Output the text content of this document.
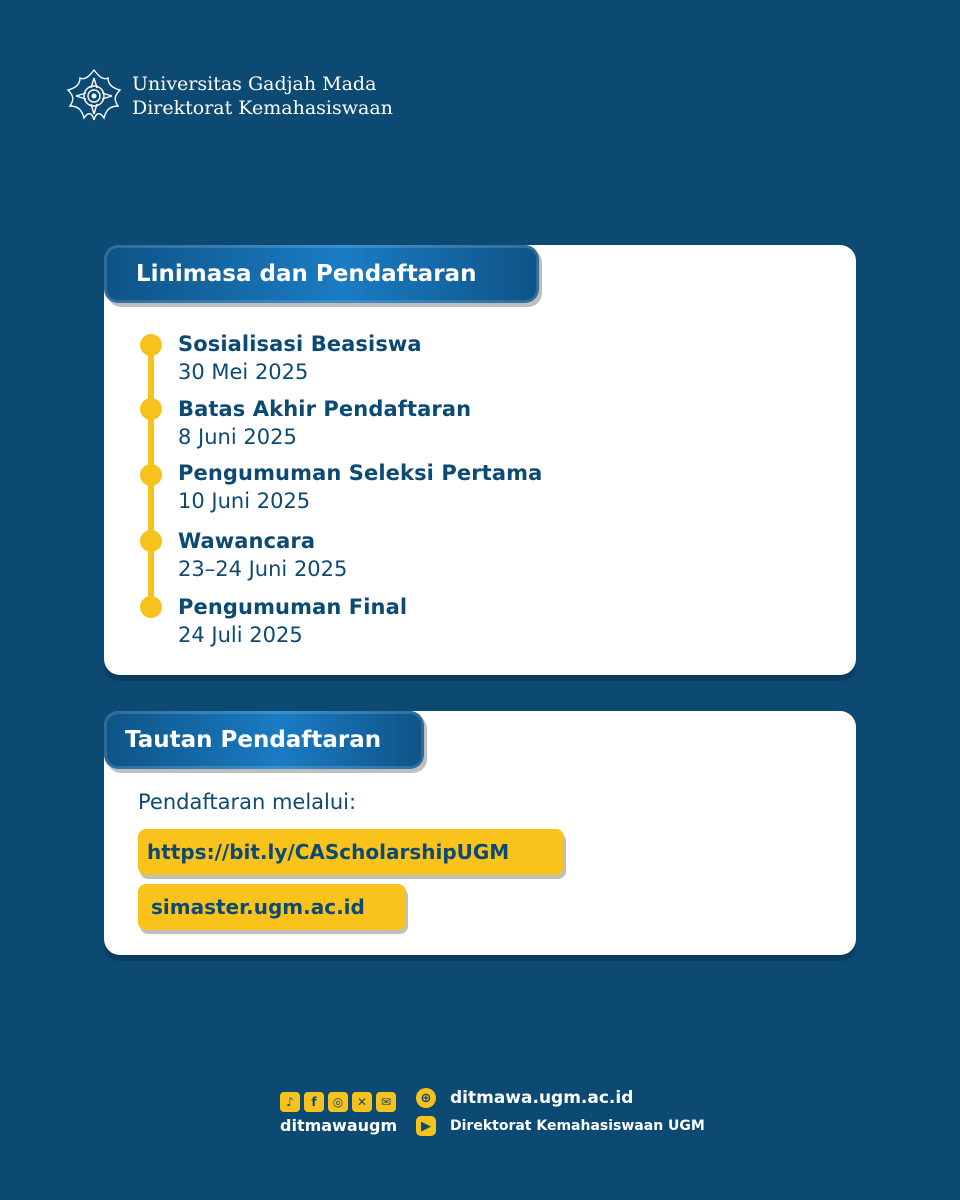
Universitas Gadjah Mada
Direktorat Kemahasiswaan
Linimasa dan Pendaftaran
Sosialisasi Beasiswa
30 Mei 2025
Batas Akhir Pendaftaran
8 Juni 2025
Pengumuman Seleksi Pertama
10 Juni 2025
Wawancara
23–24 Juni 2025
Pengumuman Final
24 Juli 2025
Tautan Pendaftaran
Pendaftaran melalui:
https://bit.ly/CAScholarshipUGM
simaster.ugm.ac.id
♪	f	◎	✕	✉
ditmawaugm
⊕ ditmawa.ugm.ac.id
▶	Direktorat Kemahasiswaan UGM
